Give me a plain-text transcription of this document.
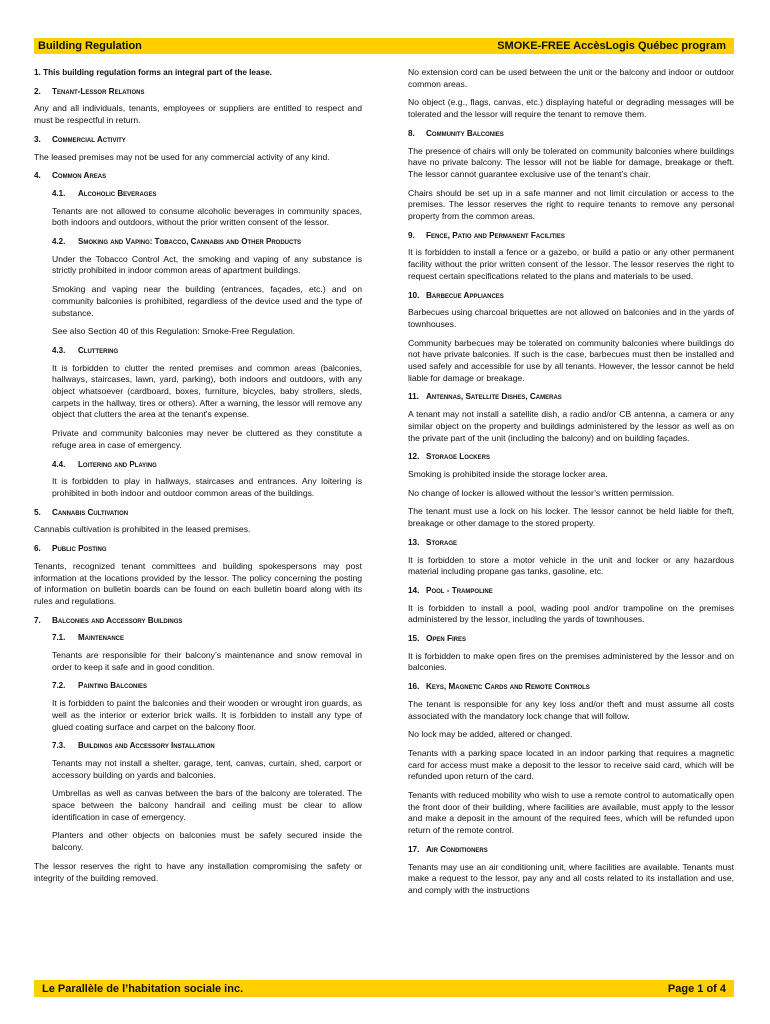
Building Regulation	SMOKE-FREE AccèsLogis Québec program
1. This building regulation forms an integral part of the lease.
2. Tenant-Lessor Relations

Any and all individuals, tenants, employees or suppliers are entitled to respect and must be respectful in return.

3. Commercial Activity

The leased premises may not be used for any commercial activity of any kind.

4. Common Areas
4.1. Alcoholic Beverages

Tenants are not allowed to consume alcoholic beverages in community spaces, both indoors and outdoors, without the prior written consent of the lessor.

4.2. Smoking and Vaping: Tobacco, Cannabis and Other Products

Under the Tobacco Control Act, the smoking and vaping of any substance is strictly prohibited in indoor common areas of apartment buildings.

Smoking and vaping near the building (entrances, façades, etc.) and on community balconies is prohibited, regardless of the device used and the type of substance.

See also Section 40 of this Regulation: Smoke-Free Regulation.

4.3. Cluttering

It is forbidden to clutter the rented premises and common areas (balconies, hallways, staircases, lawn, yard, parking), both indoors and outdoors, with any object whatsoever (cardboard, boxes, furniture, bicycles, baby strollers, sleds, carpets in the hallway, tires or others). After a warning, the lessor will remove any object that clutters the area at the tenant's expense.

Private and community balconies may never be cluttered as they constitute a refuge area in case of emergency.

4.4. Loitering and Playing

It is forbidden to play in hallways, staircases and entrances. Any loitering is prohibited in both indoor and outdoor common areas of the buildings.

5. Cannabis Cultivation

Cannabis cultivation is prohibited in the leased premises.

6. Public Posting

Tenants, recognized tenant committees and building spokespersons may post information at the locations provided by the lessor. The policy concerning the posting of information on bulletin boards can be found on each bulletin board along with its rules and regulations.

7. Balconies and Accessory Buildings
7.1. Maintenance

Tenants are responsible for their balcony’s maintenance and snow removal in order to keep it safe and in good condition.

7.2. Painting Balconies

It is forbidden to paint the balconies and their wooden or wrought iron guards, as well as the interior or exterior brick walls. It is forbidden to install any type of glued coating surface and carpet on the balcony floor.

7.3. Buildings and Accessory Installation

Tenants may not install a shelter, garage, tent, canvas, curtain, shed, carport or accessory building on yards and balconies.

Umbrellas as well as canvas between the bars of the balcony are tolerated. The space between the balcony handrail and ceiling must be clear to allow identification in case of emergency.

Planters and other objects on balconies must be safely secured inside the balcony.

The lessor reserves the right to have any installation compromising the safety or integrity of the building removed.

No extension cord can be used between the unit or the balcony and indoor or outdoor common areas.

No object (e.g., flags, canvas, etc.) displaying hateful or degrading messages will be tolerated and the lessor will require the tenant to remove them.

8. Community Balconies

The presence of chairs will only be tolerated on community balconies where buildings have no private balcony. The lessor will not be liable for damage, breakage or theft. The lessor cannot guarantee exclusive use of the tenant’s chair.

Chairs should be set up in a safe manner and not limit circulation or access to the premises. The lessor reserves the right to require tenants to remove any personal property from the common areas.

9. Fence, Patio and Permanent Facilities

It is forbidden to install a fence or a gazebo, or build a patio or any other permanent facility without the prior written consent of the lessor. The lessor reserves the right to request certain specifications related to the plans and materials to be used.

10. Barbecue Appliances

Barbecues using charcoal briquettes are not allowed on balconies and in the yards of townhouses.

Community barbecues may be tolerated on community balconies where buildings do not have private balconies. If such is the case, barbecues must then be installed and used safely and accessible for use by all tenants. However, the lessor cannot be held liable for damage or breakage.

11. Antennas, Satellite Dishes, Cameras

A tenant may not install a satellite dish, a radio and/or CB antenna, a camera or any similar object on the property and buildings administered by the lessor as well as on the private part of the unit (including the balcony) and on building façades.

12. Storage Lockers

Smoking is prohibited inside the storage locker area.

No change of locker is allowed without the lessor’s written permission.

The tenant must use a lock on his locker. The lessor cannot be held liable for theft, breakage or other damage to the stored property.

13. Storage

It is forbidden to store a motor vehicle in the unit and locker or any hazardous material including propane gas tanks, gasoline, etc.

14. Pool - Trampoline

It is forbidden to install a pool, wading pool and/or trampoline on the premises administered by the lessor, including the yards of townhouses.

15. Open Fires

It is forbidden to make open fires on the premises administered by the lessor and on balconies.

16. Keys, Magnetic Cards and Remote Controls

The tenant is responsible for any key loss and/or theft and must assume all costs associated with the mandatory lock change that will follow.

No lock may be added, altered or changed.

Tenants with a parking space located in an indoor parking that requires a magnetic card for access must make a deposit to the lessor to receive said card, which will be refunded upon return of the card.

Tenants with reduced mobility who wish to use a remote control to automatically open the front door of their building, where facilities are available, must apply to the lessor and make a deposit in the amount of the required fees, which will be refunded upon return of the remote control.

17. Air Conditioners

Tenants may use an air conditioning unit, where facilities are available. Tenants must make a request to the lessor, pay any and all costs related to its installation and use, and comply with the instructions

Le Parallèle de l’habitation sociale inc.	Page 1 of 4
